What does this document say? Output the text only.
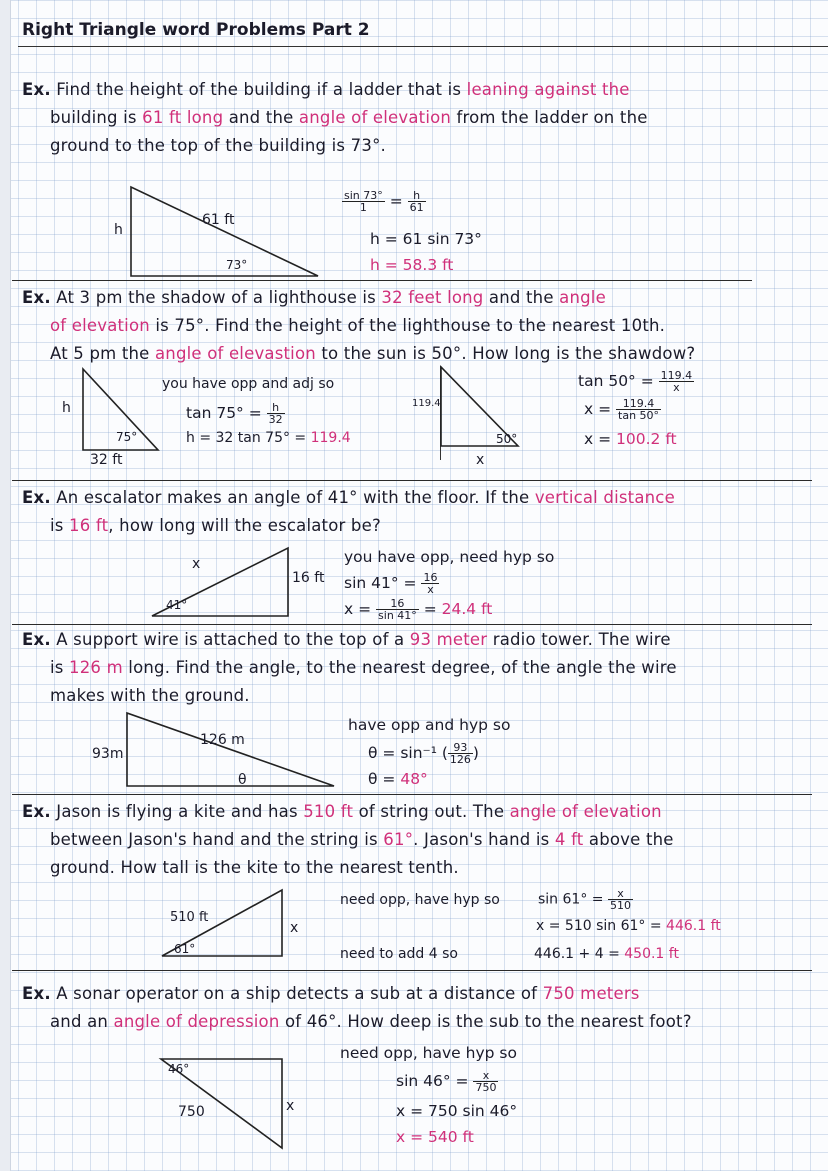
Right Triangle word Problems Part 2
Ex. Find the height of the building if a ladder that is leaning against the
building is 61 ft long and the angle of elevation from the ladder on the
ground to the top of the building is 73°.
h
61 ft
73°
$\frac{\sin 73^\circ}{1} = \frac{h}{61}$
h = 61 sin 73°
h = 58.3 ft
Ex. At 3 pm the shadow of a lighthouse is 32 feet long and the angle
of elevation is 75°. Find the height of the lighthouse to the nearest 10th.
At 5 pm the angle of elevastion to the sun is 50°. How long is the shawdow?
h
75°
32 ft
you have opp and adj so
$\tan 75^\circ = \frac{h}{32}$
h = 32 tan 75° = 119.4
119.4
50°
x
$\tan 50^\circ = \frac{119.4}{x}$
$x = \frac{119.4}{\tan 50^\circ}$
x = 100.2 ft
Ex. An escalator makes an angle of 41° with the floor. If the vertical distance
is 16 ft, how long will the escalator be?
x
41°
16 ft
you have opp, need hyp so
$\sin 41^\circ = \frac{16}{x}$
$x = \frac{16}{\sin 41^\circ} = 24.4$ ft
Ex. A support wire is attached to the top of a 93 meter radio tower. The wire
is 126 m long. Find the angle, to the nearest degree, of the angle the wire
makes with the ground.
93m
126 m
θ
have opp and hyp so
θ = sin⁻¹ ( $\frac{93}{126}$ )
θ = 48°
Ex. Jason is flying a kite and has 510 ft of string out. The angle of elevation
between Jason's hand and the string is 61°. Jason's hand is 4 ft above the
ground. How tall is the kite to the nearest tenth.
510 ft
61°
x
need opp, have hyp so	$\sin 61^\circ = \frac{x}{510}$
x = 510 sin 61° = 446.1 ft
need to add 4 so	446.1 + 4 = 450.1 ft
Ex. A sonar operator on a ship detects a sub at a distance of 750 meters
and an angle of depression of 46°. How deep is the sub to the nearest foot?
46°
750	x
need opp, have hyp so
$\sin 46^\circ = \frac{x}{750}$
x = 750 sin 46°
x = 540 ft
